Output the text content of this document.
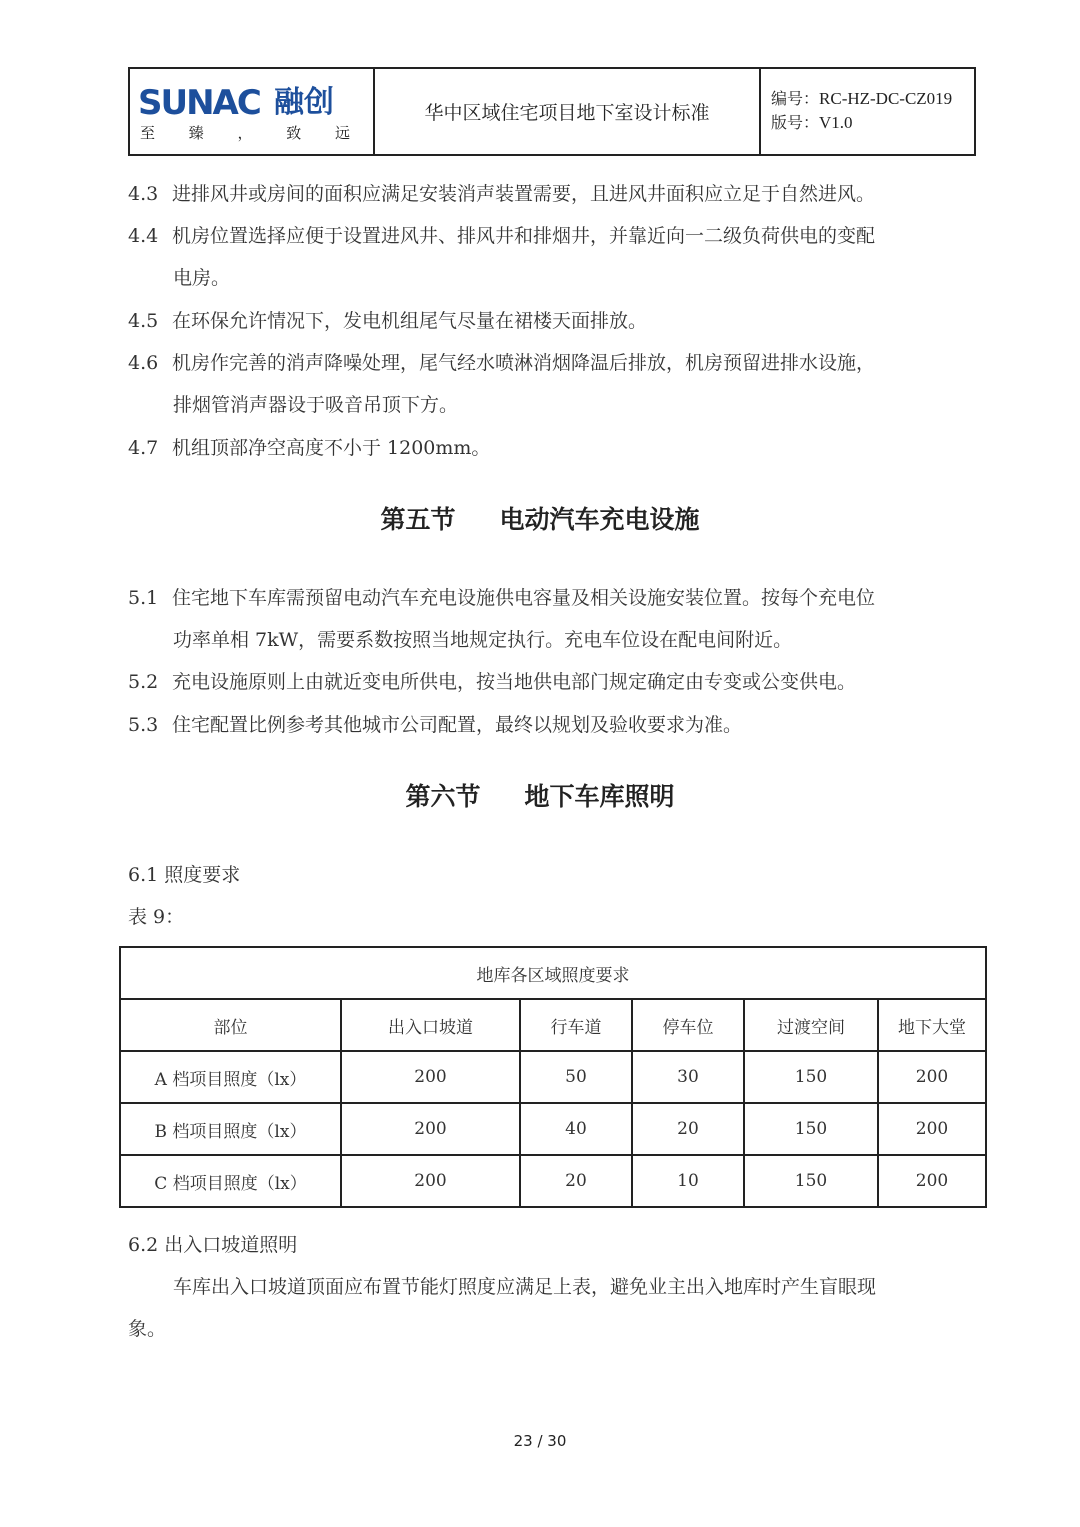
SUNAC 融创
至 臻 ， 致 远
华中区域住宅项目地下室设计标准
编号：RC-HZ-DC-CZ019
版号：V1.0
4.3 进排风井或房间的面积应满足安装消声装置需要，且进风井面积应立足于自然进风。
4.4 机房位置选择应便于设置进风井、排风井和排烟井，并靠近向一二级负荷供电的变配
电房。
4.5 在环保允许情况下，发电机组尾气尽量在裙楼天面排放。
4.6 机房作完善的消声降噪处理，尾气经水喷淋消烟降温后排放，机房预留进排水设施，
排烟管消声器设于吸音吊顶下方。
4.7 机组顶部净空高度不小于 1200mm。
第五节 电动汽车充电设施
5.1 住宅地下车库需预留电动汽车充电设施供电容量及相关设施安装位置。按每个充电位
功率单相 7kW，需要系数按照当地规定执行。充电车位设在配电间附近。
5.2 充电设施原则上由就近变电所供电，按当地供电部门规定确定由专变或公变供电。
5.3 住宅配置比例参考其他城市公司配置，最终以规划及验收要求为准。
第六节 地下车库照明
6.1 照度要求
表 9：
地库各区域照度要求					
部位	出入口坡道	行车道	停车位	过渡空间	地下大堂
A 档项目照度（lx）	200	50	30	150	200
B 档项目照度（lx）	200	40	20	150	200
C 档项目照度（lx）	200	20	10	150	200
6.2 出入口坡道照明
车库出入口坡道顶面应布置节能灯照度应满足上表，避免业主出入地库时产生盲眼现
象。
23 / 30
